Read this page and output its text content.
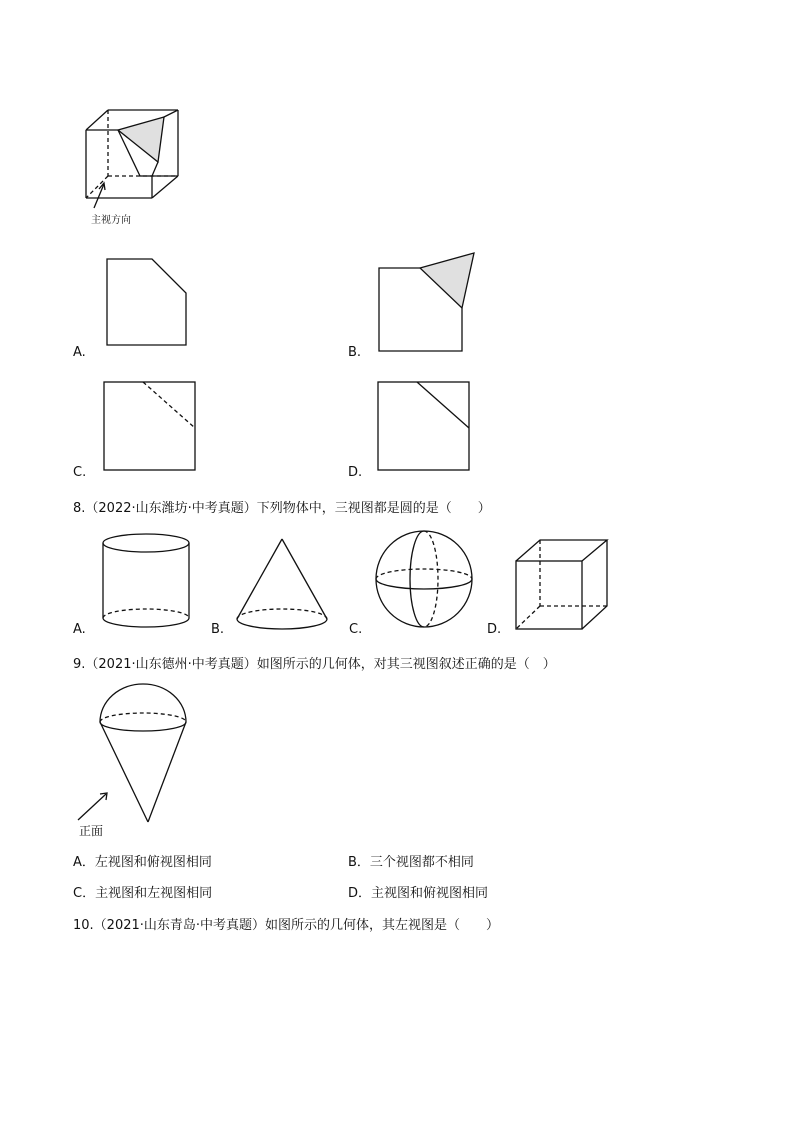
主视方向
A.	B.
C.	D.
8.（2022·山东潍坊·中考真题）下列物体中，三视图都是圆的是（　　）
A.	B.	C.	D.
9.（2021·山东德州·中考真题）如图所示的几何体，对其三视图叙述正确的是（　）
正面
A．左视图和俯视图相同	B．三个视图都不相同
C．主视图和左视图相同	D．主视图和俯视图相同
10.（2021·山东青岛·中考真题）如图所示的几何体，其左视图是（　　）
